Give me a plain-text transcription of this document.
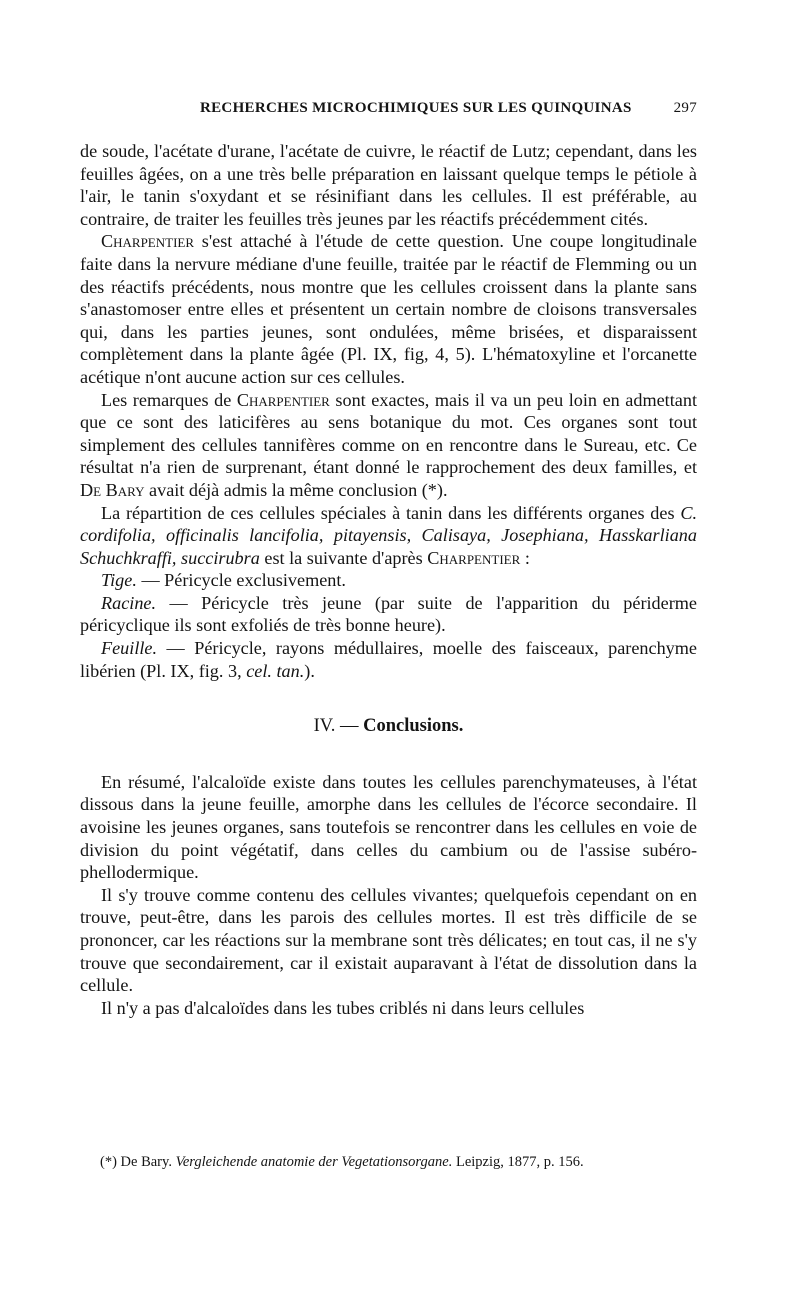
RECHERCHES MICROCHIMIQUES SUR LES QUINQUINAS	297

de soude, l'acétate d'urane, l'acétate de cuivre, le réactif de Lutz; cependant, dans les feuilles âgées, on a une très belle préparation en laissant quelque temps le pétiole à l'air, le tanin s'oxydant et se résinifiant dans les cellules. Il est préférable, au contraire, de traiter les feuilles très jeunes par les réactifs précédemment cités.

Charpentier s'est attaché à l'étude de cette question. Une coupe longitudinale faite dans la nervure médiane d'une feuille, traitée par le réactif de Flemming ou un des réactifs précédents, nous montre que les cellules croissent dans la plante sans s'anastomoser entre elles et présentent un certain nombre de cloisons transversales qui, dans les parties jeunes, sont ondulées, même brisées, et disparaissent complètement dans la plante âgée (Pl. IX, fig, 4, 5). L'hématoxyline et l'orcanette acétique n'ont aucune action sur ces cellules.

Les remarques de Charpentier sont exactes, mais il va un peu loin en admettant que ce sont des laticifères au sens botanique du mot. Ces organes sont tout simplement des cellules tannifères comme on en rencontre dans le Sureau, etc. Ce résultat n'a rien de surprenant, étant donné le rapprochement des deux familles, et De Bary avait déjà admis la même conclusion (*).

La répartition de ces cellules spéciales à tanin dans les différents organes des C. cordifolia, officinalis lancifolia, pitayensis, Calisaya, Josephiana, Hasskarliana Schuchkraffi, succirubra est la suivante d'après Charpentier :

Tige. — Péricycle exclusivement.

Racine. — Péricycle très jeune (par suite de l'apparition du périderme péricyclique ils sont exfoliés de très bonne heure).

Feuille. — Péricycle, rayons médullaires, moelle des faisceaux, parenchyme libérien (Pl. IX, fig. 3, cel. tan.).

IV. — Conclusions.

En résumé, l'alcaloïde existe dans toutes les cellules parenchymateuses, à l'état dissous dans la jeune feuille, amorphe dans les cellules de l'écorce secondaire. Il avoisine les jeunes organes, sans toutefois se rencontrer dans les cellules en voie de division du point végétatif, dans celles du cambium ou de l'assise subéro-phellodermique.

Il s'y trouve comme contenu des cellules vivantes; quelquefois cependant on en trouve, peut-être, dans les parois des cellules mortes. Il est très difficile de se prononcer, car les réactions sur la membrane sont très délicates; en tout cas, il ne s'y trouve que secondairement, car il existait auparavant à l'état de dissolution dans la cellule.

Il n'y a pas d'alcaloïdes dans les tubes criblés ni dans leurs cellules

(*) De Bary. Vergleichende anatomie der Vegetationsorgane. Leipzig, 1877, p. 156.
